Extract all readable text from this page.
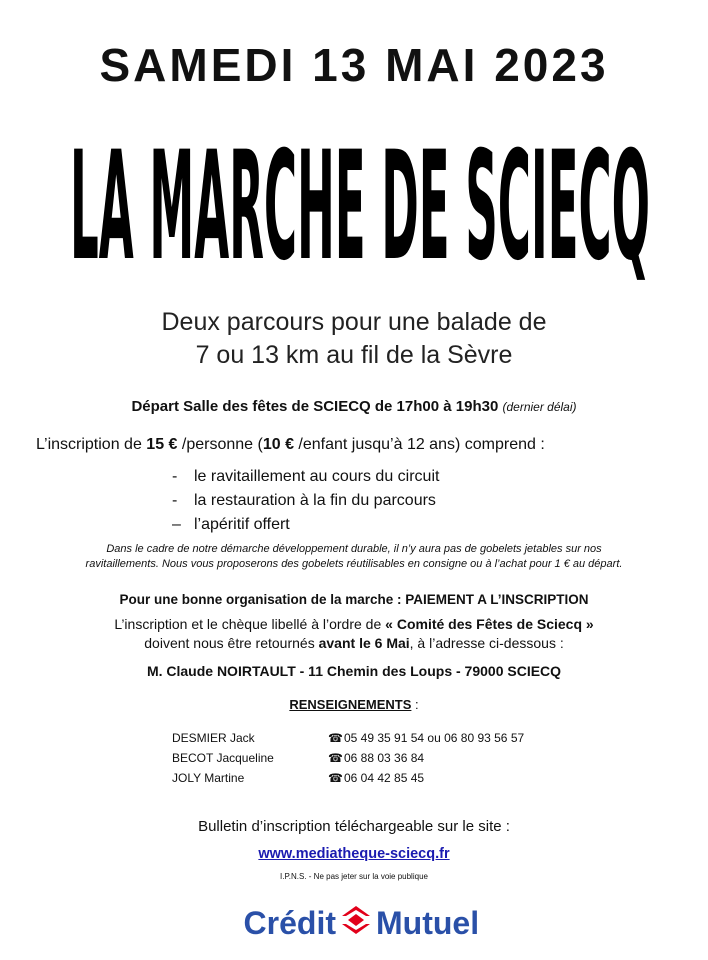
SAMEDI 13 MAI 2023
LA MARCHE DE SCIECQ
Deux parcours pour une balade de
7 ou 13 km au fil de la Sèvre
Départ Salle des fêtes de SCIECQ de 17h00 à 19h30 (dernier délai)
L’inscription de 15 € /personne (10 € /enfant jusqu’à 12 ans) comprend :
- le ravitaillement au cours du circuit
- la restauration à la fin du parcours
– l’apéritif offert
Dans le cadre de notre démarche développement durable, il n’y aura pas de gobelets jetables sur nos
ravitaillements. Nous vous proposerons des gobelets réutilisables en consigne ou à l’achat pour 1 € au départ.
Pour une bonne organisation de la marche : PAIEMENT A L’INSCRIPTION
L’inscription et le chèque libellé à l’ordre de « Comité des Fêtes de Sciecq »
doivent nous être retournés avant le 6 Mai, à l’adresse ci-dessous :
M. Claude NOIRTAULT - 11 Chemin des Loups - 79000 SCIECQ
RENSEIGNEMENTS :
DESMIER Jack	☎05 49 35 91 54 ou 06 80 93 56 57
BECOT Jacqueline	☎06 88 03 36 84
JOLY Martine	☎06 04 42 85 45
Bulletin d’inscription téléchargeable sur le site :
www.mediatheque-sciecq.fr
I.P.N.S. - Ne pas jeter sur la voie publique
Crédit Mutuel
